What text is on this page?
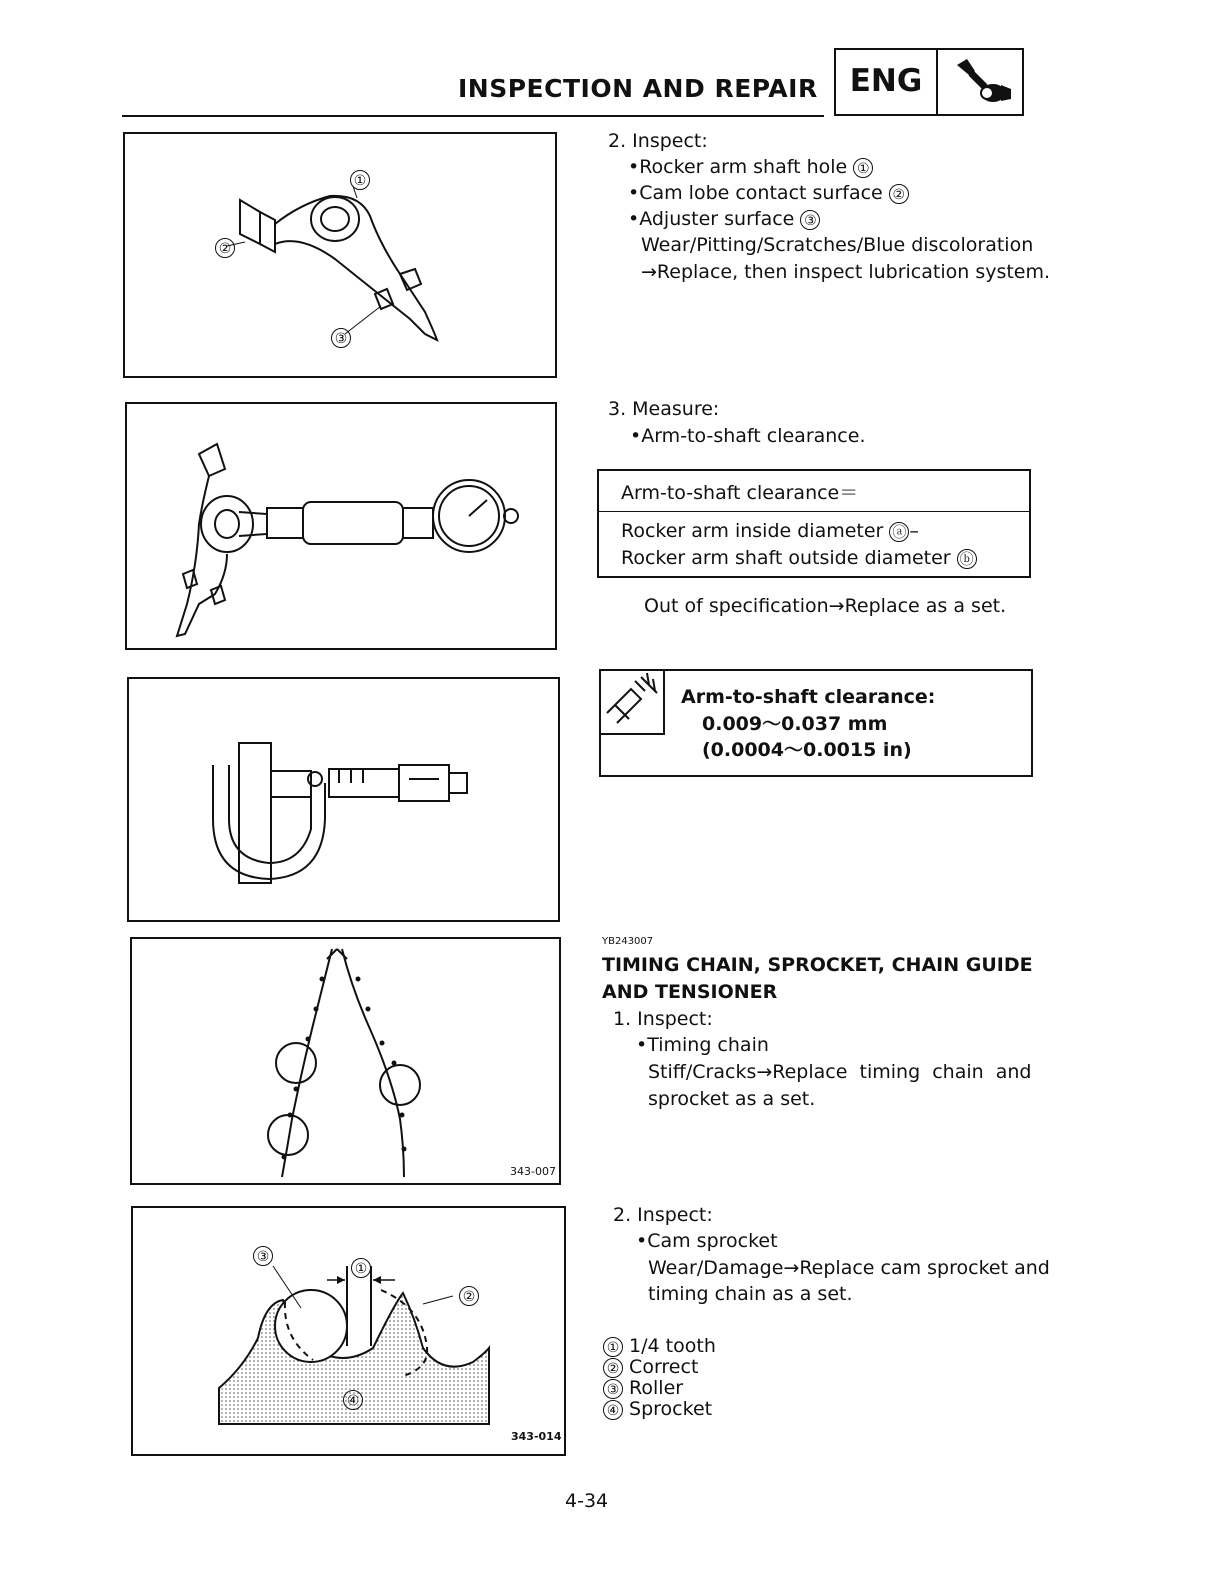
INSPECTION AND REPAIR	ENG
①
②
③
343-007
①
②
③
④
343-014
2. Inspect:
•Rocker arm shaft hole ①
•Cam lobe contact surface ②
•Adjuster surface ③
Wear/Pitting/Scratches/Blue discoloration
→Replace, then inspect lubrication system.
3. Measure:
•Arm-to-shaft clearance.
Arm-to-shaft clearance＝
Rocker arm inside diameter ⓐ –
Rocker arm shaft outside diameter ⓑ
Out of specification→Replace as a set.
Arm-to-shaft clearance:
0.009～0.037 mm
(0.0004～0.0015 in)
YB243007
TIMING CHAIN, SPROCKET, CHAIN GUIDE
AND TENSIONER
1. Inspect:
•Timing chain
Stiff/Cracks→Replace  timing  chain  and
sprocket as a set.
2. Inspect:
•Cam sprocket
Wear/Damage→Replace cam sprocket and
timing chain as a set.
① 1/4 tooth
② Correct
③ Roller
④ Sprocket
4-34
